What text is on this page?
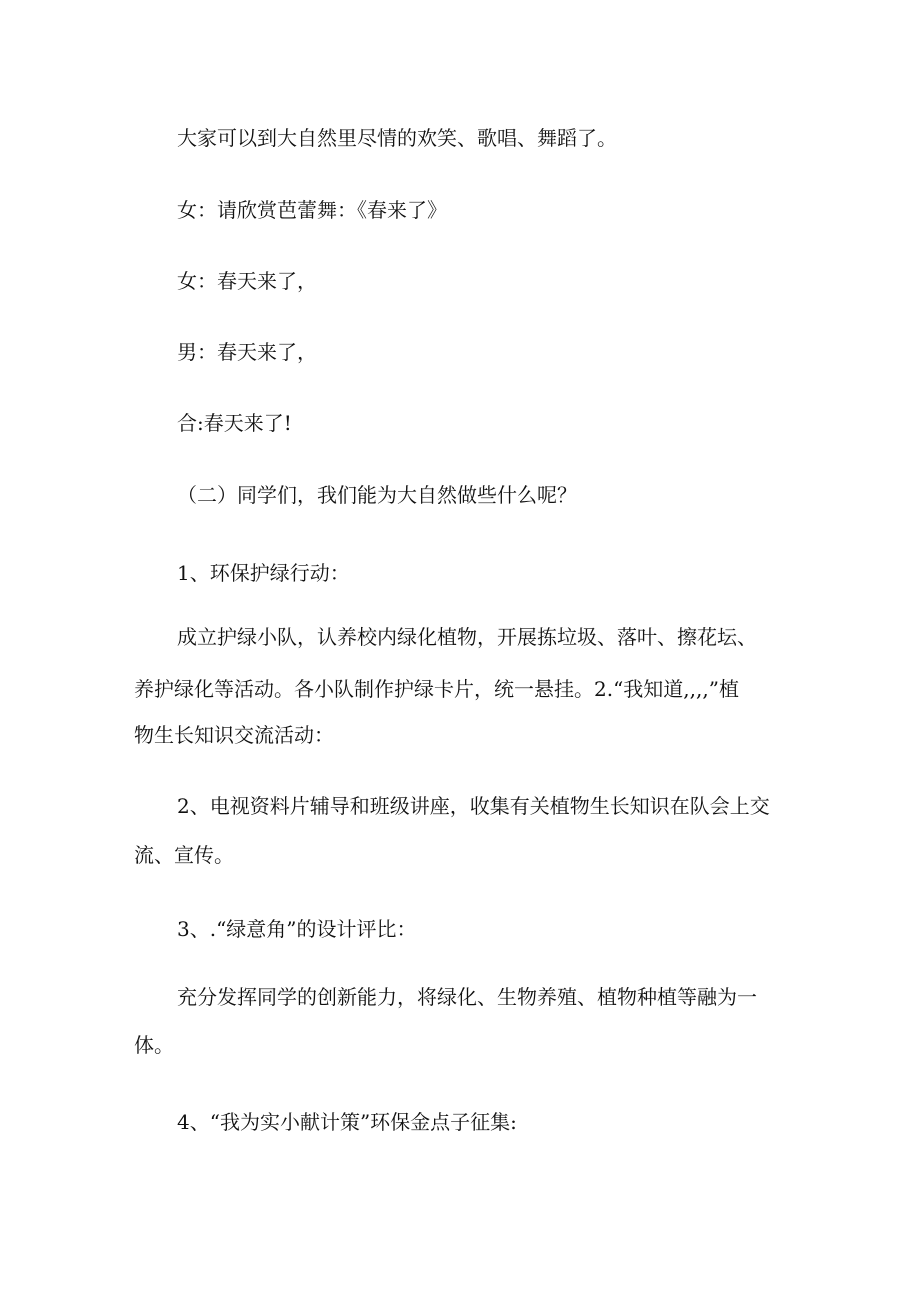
大家可以到大自然里尽情的欢笑、歌唱、舞蹈了。

女：请欣赏芭蕾舞：《春来了》

女：春天来了，

男：春天来了，

合:春天来了!

（二）同学们，我们能为大自然做些什么呢？

1、环保护绿行动：

成立护绿小队，认养校内绿化植物，开展拣垃圾、落叶、擦花坛、

养护绿化等活动。各小队制作护绿卡片，统一悬挂。2.“我知道,,,,”植

物生长知识交流活动：

2、电视资料片辅导和班级讲座，收集有关植物生长知识在队会上交

流、宣传。

3、.“绿意角”的设计评比：

充分发挥同学的创新能力，将绿化、生物养殖、植物种植等融为一

体。

4、“我为实小献计策”环保金点子征集:
